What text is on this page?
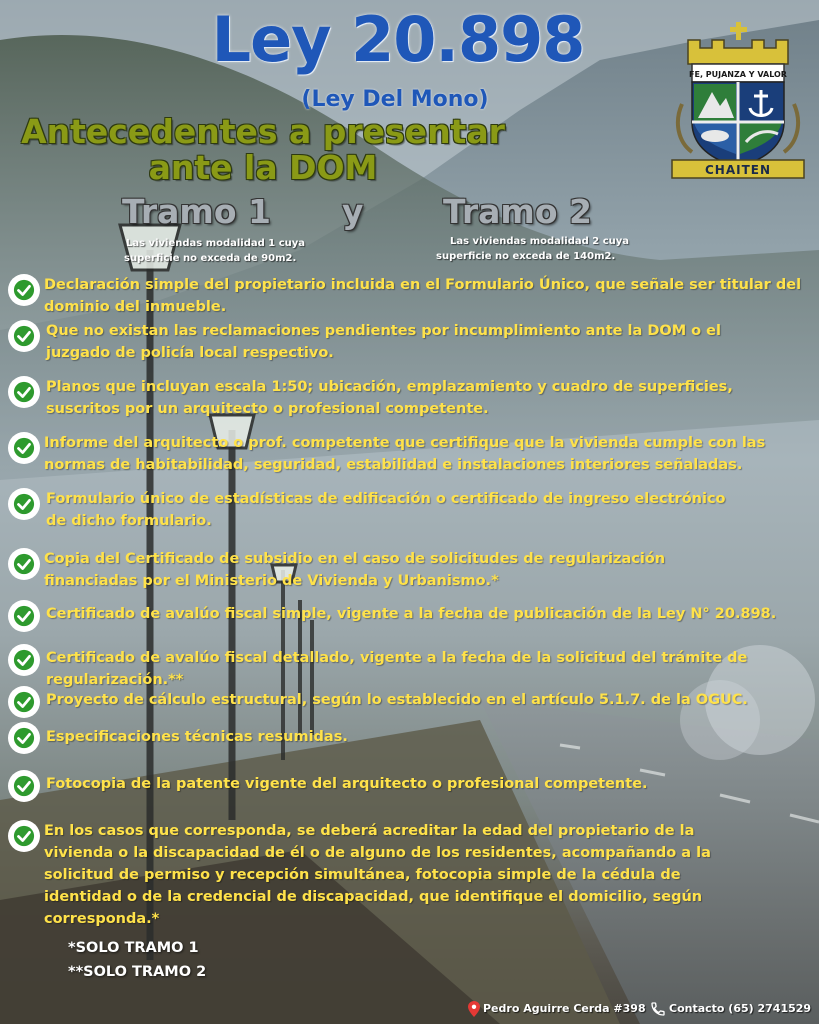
FE, PUJANZA Y VALOR
CHAITEN
Ley 20.898
(Ley Del Mono)
Antecedentes a presentar
ante la DOM
Tramo 1 y Tramo 2
Las viviendas modalidad 1 cuya
superficie no exceda de 90m2.
Las viviendas modalidad 2 cuya
superficie no exceda de 140m2.
Declaración simple del propietario incluida en el Formulario Único, que señale ser titular del
dominio del inmueble.
Que no existan las reclamaciones pendientes por incumplimiento ante la DOM o el
juzgado de policía local respectivo.
Planos que incluyan escala 1:50; ubicación, emplazamiento y cuadro de superficies,
suscritos por un arquitecto o profesional competente.
Informe del arquitecto o prof. competente que certifique que la vivienda cumple con las
normas de habitabilidad, seguridad, estabilidad e instalaciones interiores señaladas.
Formulario único de estadísticas de edificación o certificado de ingreso electrónico
de dicho formulario.
Copia del Certificado de subsidio en el caso de solicitudes de regularización
financiadas por el Ministerio de Vivienda y Urbanismo.*
Certificado de avalúo fiscal simple, vigente a la fecha de publicación de la Ley N° 20.898.
Certificado de avalúo fiscal detallado, vigente a la fecha de la solicitud del trámite de
regularización.**
Proyecto de cálculo estructural, según lo establecido en el artículo 5.1.7. de la OGUC.
Especificaciones técnicas resumidas.
Fotocopia de la patente vigente del arquitecto o profesional competente.
En los casos que corresponda, se deberá acreditar la edad del propietario de la
vivienda o la discapacidad de él o de alguno de los residentes, acompañando a la
solicitud de permiso y recepción simultánea, fotocopia simple de la cédula de
identidad o de la credencial de discapacidad, que identifique el domicilio, según
corresponda.*
*SOLO TRAMO 1
**SOLO TRAMO 2
Pedro Aguirre Cerda #398 Contacto (65) 2741529
